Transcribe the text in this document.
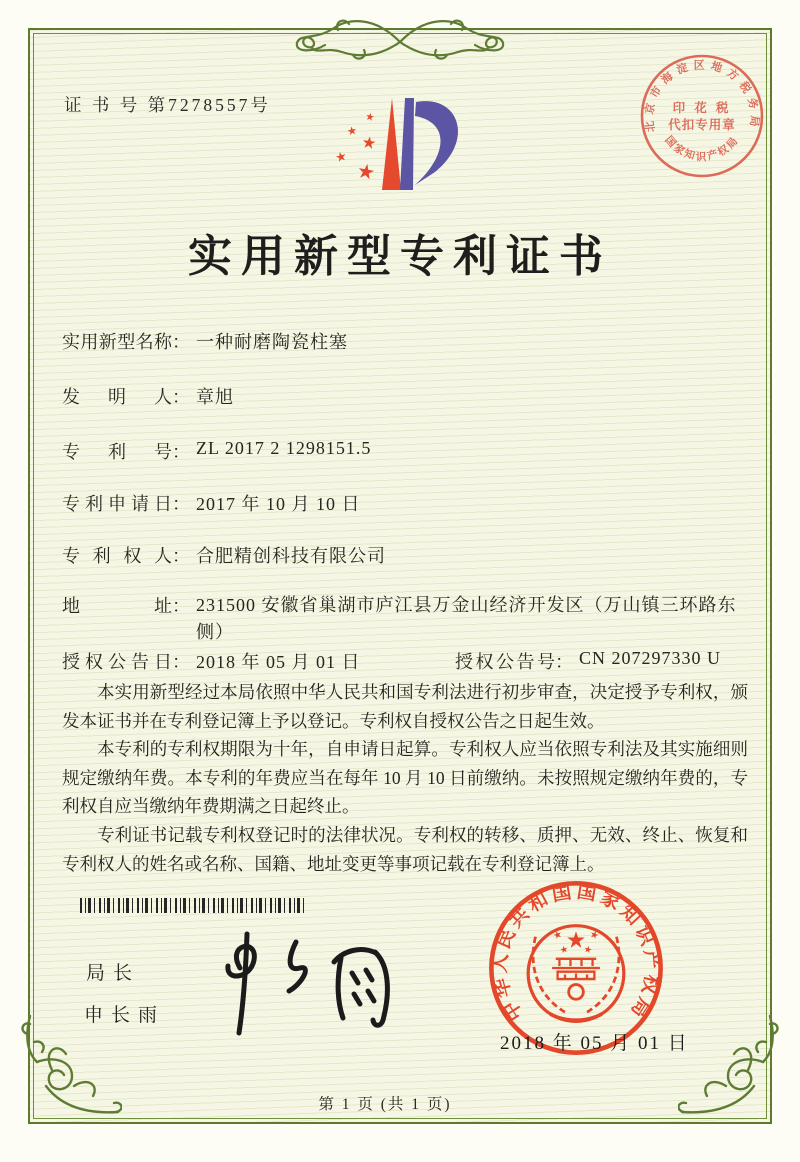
证 书 号 第7278557号
北京市海淀区地方税务局
印 花 税
代扣专用章
国家知识产权局
实用新型专利证书
实用新型名称： 一种耐磨陶瓷柱塞
发明人： 章旭
专利号： ZL 2017 2 1298151.5
专利申请日： 2017 年 10 月 10 日
专利权人： 合肥精创科技有限公司
地址： 231500 安徽省巢湖市庐江县万金山经济开发区（万山镇三环路东侧）
授权公告日： 2018 年 05 月 01 日	授权公告号： CN 207297330 U

本实用新型经过本局依照中华人民共和国专利法进行初步审查，决定授予专利权，颁发本证书并在专利登记簿上予以登记。专利权自授权公告之日起生效。

本专利的专利权期限为十年，自申请日起算。专利权人应当依照专利法及其实施细则规定缴纳年费。本专利的年费应当在每年 10 月 10 日前缴纳。未按照规定缴纳年费的，专利权自应当缴纳年费期满之日起终止。

专利证书记载专利权登记时的法律状况。专利权的转移、质押、无效、终止、恢复和专利权人的姓名或名称、国籍、地址变更等事项记载在专利登记簿上。

局长
申长雨	中华人民共和国国家知识产权局
2018 年 05 月 01 日
第 1 页 (共 1 页)
